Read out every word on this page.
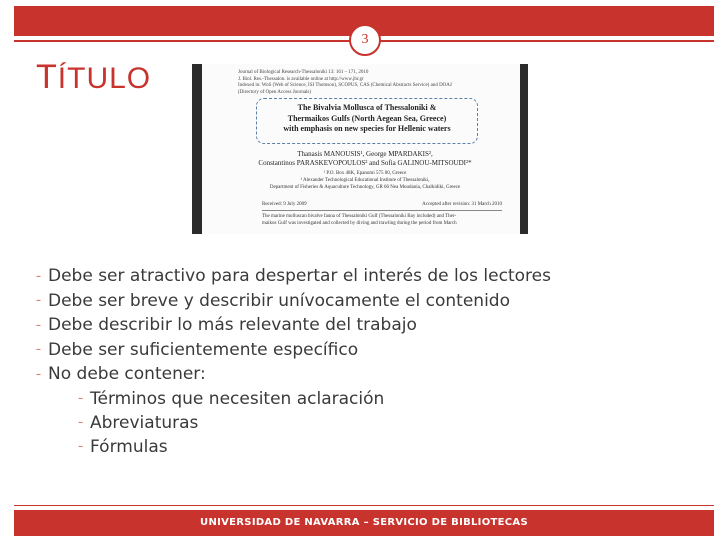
3
TÍTULO	Journal of Biological Research-Thessaloniki 13: 161 – 171, 2010
J. Biol. Res.-Thessalon. is available online at http://www.jbr.gr
Indexed in: WoS (Web of Science, ISI Thomson), SCOPUS, CAS (Chemical Abstracts Service) and DOAJ (Directory of Open Access Journals)
The Bivalvia Mollusca of Thessaloniki &
Thermaikos Gulfs (North Aegean Sea, Greece)
with emphasis on new species for Hellenic waters
Thanasis MANOUSIS¹, George MPARDAKIS²,
Constantinos PARASKEVOPOULOS² and Sofia GALINOU-MITSOUDI²*
¹ P.O. Box 48K, Epanomi 575 00, Greece
² Alexander Technological Educational Institute of Thessaloniki,
Department of Fisheries & Aquaculture Technology, GR 66 Nea Moudania, Chalkidiki, Greece
Received: 9 July 2009	Accepted after revision: 31 March 2010
The marine molluscan bivalve fauna of Thessaloniki Gulf (Thessaloniki Bay included) and Ther-
maikos Gulf was investigated and collected by diving and trawling during the period from March
– Debe ser atractivo para despertar el interés de los lectores
– Debe ser breve y describir unívocamente el contenido
– Debe describir lo más relevante del trabajo
– Debe ser suficientemente específico
– No debe contener:
– Términos que necesiten aclaración
– Abreviaturas
– Fórmulas
UNIVERSIDAD DE NAVARRA – SERVICIO DE BIBLIOTECAS
